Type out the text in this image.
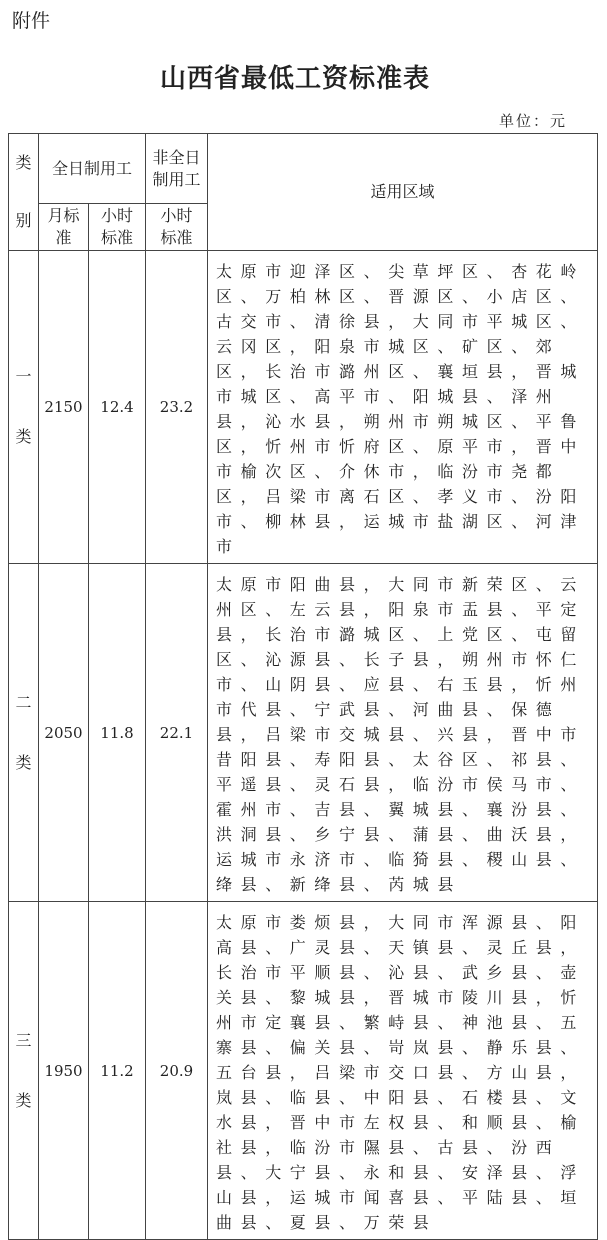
附件
山西省最低工资标准表
单位：元
类别	全日制用工		非全日制用工	适用区域

	月标准	小时标准	小时标准	

一类	2150	12.4	23.2	太原市迎泽区、尖草坪区、杏花岭区、万柏林区、晋源区、小店区、古交市、清徐县，大同市平城区、云冈区，阳泉市城区、矿区、郊区，长治市潞州区、襄垣县，晋城市城区、高平市、阳城县、泽州县，沁水县，朔州市朔城区、平鲁区，忻州市忻府区、原平市，晋中市榆次区、介休市，临汾市尧都区，吕梁市离石区、孝义市、汾阳市、柳林县，运城市盐湖区、河津市

二类	2050	11.8	22.1	太原市阳曲县，大同市新荣区、云州区、左云县，阳泉市盂县、平定县，长治市潞城区、上党区、屯留区、沁源县、长子县，朔州市怀仁市、山阴县、应县、右玉县，忻州市代县、宁武县、河曲县、保德县，吕梁市交城县、兴县，晋中市昔阳县、寿阳县、太谷区、祁县、平遥县、灵石县，临汾市侯马市、霍州市、吉县、翼城县、襄汾县、洪洞县、乡宁县、蒲县、曲沃县，运城市永济市、临猗县、稷山县、绛县、新绛县、芮城县

三类	1950	11.2	20.9	太原市娄烦县，大同市浑源县、阳高县、广灵县、天镇县、灵丘县，长治市平顺县、沁县、武乡县、壶关县、黎城县，晋城市陵川县，忻州市定襄县、繁峙县、神池县、五寨县、偏关县、岢岚县、静乐县、五台县，吕梁市交口县、方山县，岚县、临县、中阳县、石楼县、文水县，晋中市左权县、和顺县、榆社县，临汾市隰县、古县、汾西县、大宁县、永和县、安泽县、浮山县，运城市闻喜县、平陆县、垣曲县、夏县、万荣县
